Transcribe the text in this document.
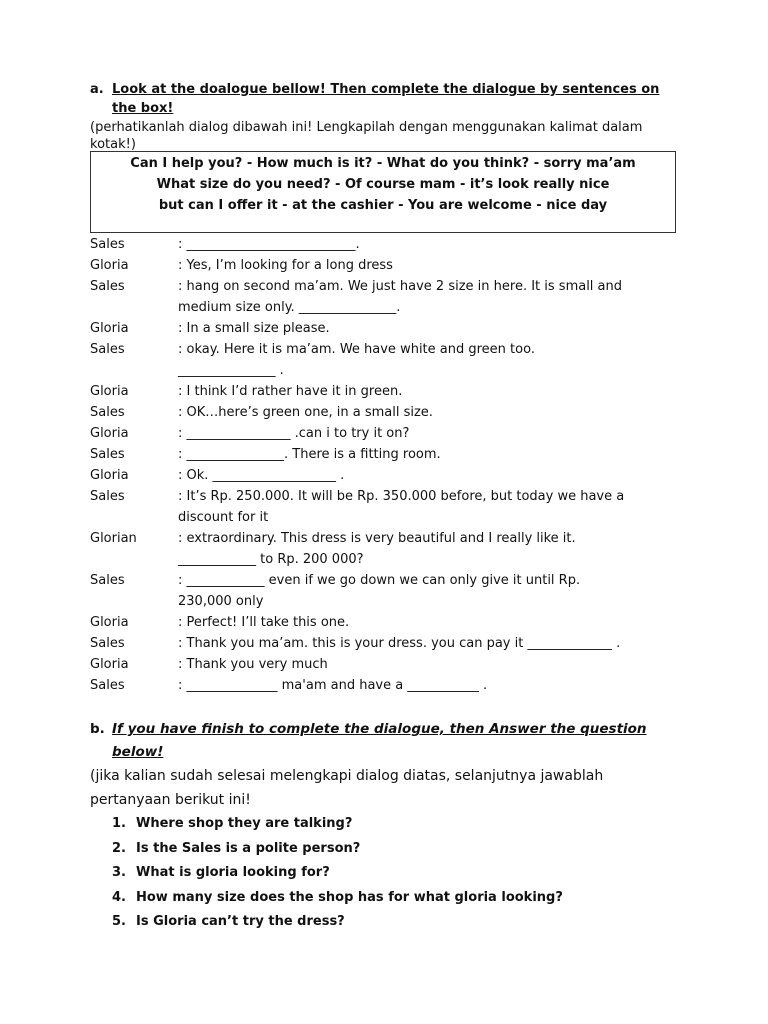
a. Look at the doalogue bellow! Then complete the dialogue by sentences on
the box!
(perhatikanlah dialog dibawah ini! Lengkapilah dengan menggunakan kalimat dalam
kotak!)
Can I help you? - How much is it? - What do you think? - sorry ma’am
What size do you need? - Of course mam - it’s look really nice
but can I offer it - at the cashier - You are welcome - nice day
Sales	: __________________________.
Gloria	: Yes, I’m looking for a long dress
Sales	: hang on second ma’am. We just have 2 size in here. It is small and
medium size only. _______________.
Gloria	: In a small size please.
Sales	: okay. Here it is ma’am. We have white and green too.
_______________ .
Gloria	: I think I’d rather have it in green.
Sales	: OK…here’s green one, in a small size.
Gloria	: ________________ .can i to try it on?
Sales	: _______________. There is a fitting room.
Gloria	: Ok. ___________________ .
Sales	: It’s Rp. 250.000. It will be Rp. 350.000 before, but today we have a
discount for it
Glorian	: extraordinary. This dress is very beautiful and I really like it.
____________ to Rp. 200 000?
Sales	: ____________ even if we go down we can only give it until Rp.
230,000 only
Gloria	: Perfect! I’ll take this one.
Sales	: Thank you ma’am. this is your dress. you can pay it _____________ .
Gloria	: Thank you very much
Sales	: ______________ ma'am and have a ___________ .
b. If you have finish to complete the dialogue, then Answer the question
below!
(jika kalian sudah selesai melengkapi dialog diatas, selanjutnya jawablah
pertanyaan berikut ini!
1. Where shop they are talking?
2. Is the Sales is a polite person?
3. What is gloria looking for?
4. How many size does the shop has for what gloria looking?
5. Is Gloria can’t try the dress?
